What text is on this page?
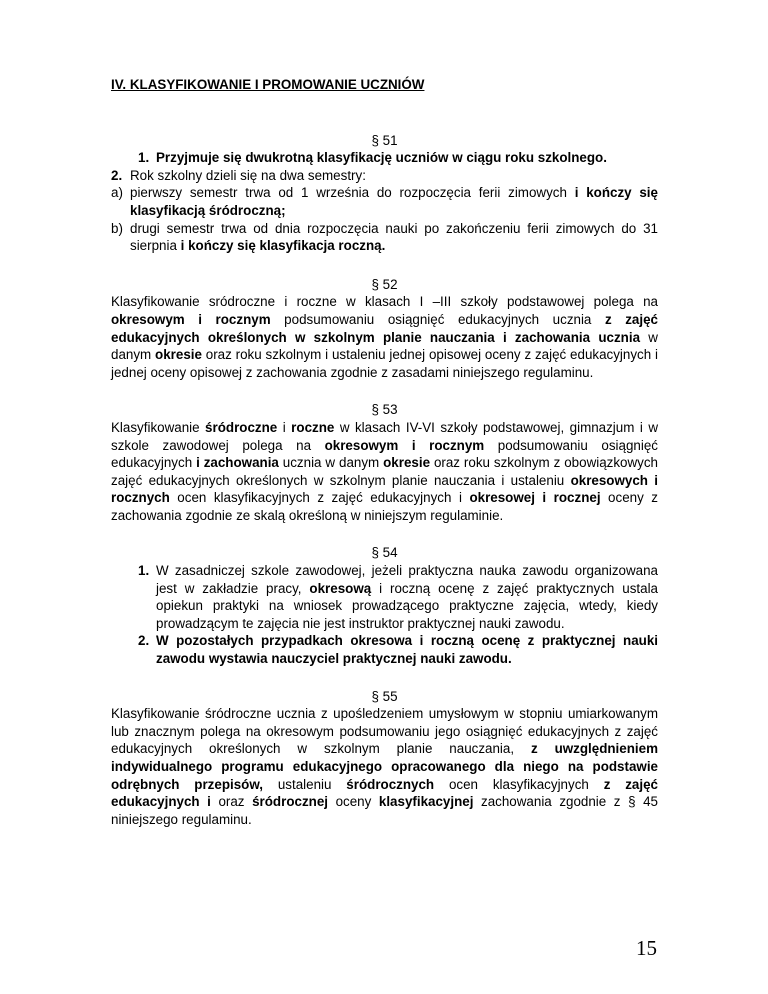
IV. KLASYFIKOWANIE I PROMOWANIE UCZNIÓW

§ 51

1. Przyjmuje się dwukrotną klasyfikację uczniów w ciągu roku szkolnego.
2. Rok szkolny dzieli się na dwa semestry:
a) pierwszy semestr trwa od 1 września do rozpoczęcia ferii zimowych i kończy się klasyfikacją śródroczną;
b) drugi semestr trwa od dnia rozpoczęcia nauki po zakończeniu ferii zimowych do 31 sierpnia i kończy się klasyfikacja roczną.

§ 52

Klasyfikowanie sródroczne i roczne w klasach I –III szkoły podstawowej polega na okresowym i rocznym podsumowaniu osiągnięć edukacyjnych ucznia z zajęć edukacyjnych określonych w szkolnym planie nauczania i zachowania ucznia w danym okresie oraz roku szkolnym i ustaleniu jednej opisowej oceny z zajęć edukacyjnych i jednej oceny opisowej z zachowania zgodnie z zasadami niniejszego regulaminu.

§ 53

Klasyfikowanie śródroczne i roczne w klasach IV-VI szkoły podstawowej, gimnazjum i w szkole zawodowej polega na okresowym i rocznym podsumowaniu osiągnięć edukacyjnych i zachowania ucznia w danym okresie oraz roku szkolnym z obowiązkowych zajęć edukacyjnych określonych w szkolnym planie nauczania i ustaleniu okresowych i rocznych ocen klasyfikacyjnych z zajęć edukacyjnych i okresowej i rocznej oceny z zachowania zgodnie ze skalą określoną w niniejszym regulaminie.

§ 54

1. W zasadniczej szkole zawodowej, jeżeli praktyczna nauka zawodu organizowana jest w zakładzie pracy, okresową i roczną ocenę z zajęć praktycznych ustala opiekun praktyki na wniosek prowadzącego praktyczne zajęcia, wtedy, kiedy prowadzącym te zajęcia nie jest instruktor praktycznej nauki zawodu.
2. W pozostałych przypadkach okresowa i roczną ocenę z praktycznej nauki zawodu wystawia nauczyciel praktycznej nauki zawodu.

§ 55

Klasyfikowanie śródroczne ucznia z upośledzeniem umysłowym w stopniu umiarkowanym lub znacznym polega na okresowym podsumowaniu jego osiągnięć edukacyjnych z zajęć edukacyjnych określonych w szkolnym planie nauczania, z uwzględnieniem indywidualnego programu edukacyjnego opracowanego dla niego na podstawie odrębnych przepisów, ustaleniu śródrocznych ocen klasyfikacyjnych z zajęć edukacyjnych i oraz śródrocznej oceny klasyfikacyjnej zachowania zgodnie z § 45 niniejszego regulaminu.

15
